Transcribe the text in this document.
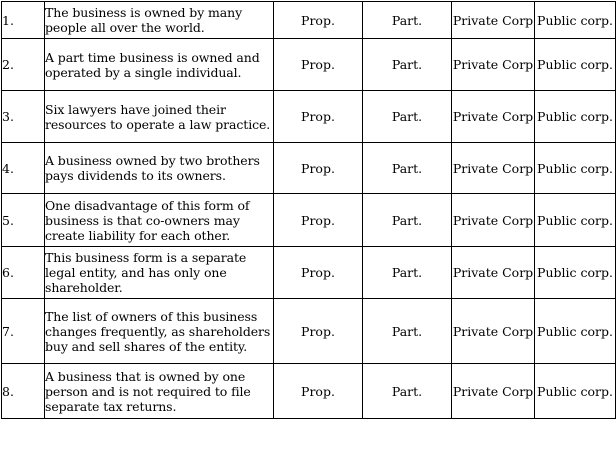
1.	The business is owned by many people all over the world.	Prop.	Part.	Private Corp	Public corp.
2.	A part time business is owned and operated by a single individual.	Prop.	Part.	Private Corp	Public corp.
3.	Six lawyers have joined their resources to operate a law practice.	Prop.	Part.	Private Corp	Public corp.
4.	A business owned by two brothers pays dividends to its owners.	Prop.	Part.	Private Corp	Public corp.
5.	One disadvantage of this form of business is that co-owners may create liability for each other.	Prop.	Part.	Private Corp	Public corp.
6.	This business form is a separate legal entity, and has only one shareholder.	Prop.	Part.	Private Corp	Public corp.
7.	The list of owners of this business changes frequently, as shareholders buy and sell shares of the entity.	Prop.	Part.	Private Corp	Public corp.
8.	A business that is owned by one person and is not required to file separate tax returns.	Prop.	Part.	Private Corp	Public corp.
